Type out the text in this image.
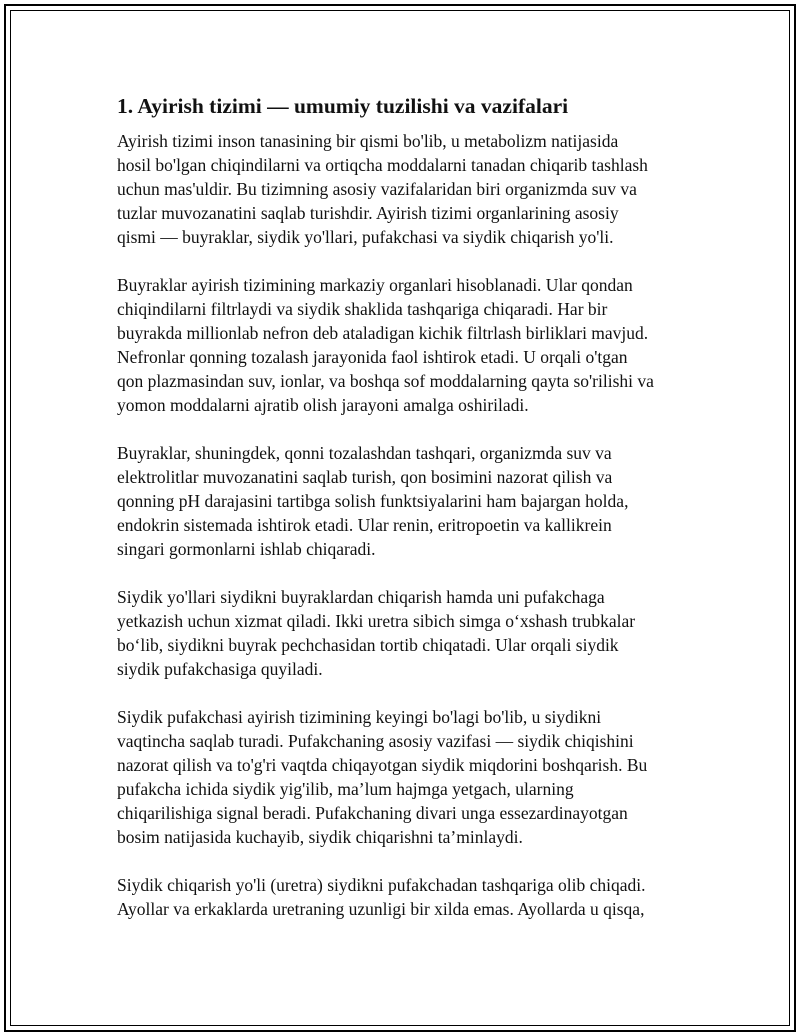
1. Ayirish tizimi — umumiy tuzilishi va vazifalari
Ayirish tizimi inson tanasining bir qismi bo'lib, u metabolizm natijasida
hosil bo'lgan chiqindilarni va ortiqcha moddalarni tanadan chiqarib tashlash
uchun mas'uldir. Bu tizimning asosiy vazifalaridan biri organizmda suv va
tuzlar muvozanatini saqlab turishdir. Ayirish tizimi organlarining asosiy
qismi — buyraklar, siydik yo'llari, pufakchasi va siydik chiqarish yo'li.
Buyraklar ayirish tizimining markaziy organlari hisoblanadi. Ular qondan
chiqindilarni filtrlaydi va siydik shaklida tashqariga chiqaradi. Har bir
buyrakda millionlab nefron deb ataladigan kichik filtrlash birliklari mavjud.
Nefronlar qonning tozalash jarayonida faol ishtirok etadi. U orqali o'tgan
qon plazmasindan suv, ionlar, va boshqa sof moddalarning qayta so'rilishi va
yomon moddalarni ajratib olish jarayoni amalga oshiriladi.
Buyraklar, shuningdek, qonni tozalashdan tashqari, organizmda suv va
elektrolitlar muvozanatini saqlab turish, qon bosimini nazorat qilish va
qonning pH darajasini tartibga solish funktsiyalarini ham bajargan holda,
endokrin sistemada ishtirok etadi. Ular renin, eritropoetin va kallikrein
singari gormonlarni ishlab chiqaradi.
Siydik yo'llari siydikni buyraklardan chiqarish hamda uni pufakchaga
yetkazish uchun xizmat qiladi. Ikki uretra sibich simga o‘xshash trubkalar
bo‘lib, siydikni buyrak pechchasidan tortib chiqatadi. Ular orqali siydik
siydik pufakchasiga quyiladi.
Siydik pufakchasi ayirish tizimining keyingi bo'lagi bo'lib, u siydikni
vaqtincha saqlab turadi. Pufakchaning asosiy vazifasi — siydik chiqishini
nazorat qilish va to'g'ri vaqtda chiqayotgan siydik miqdorini boshqarish. Bu
pufakcha ichida siydik yig'ilib, ma’lum hajmga yetgach, ularning
chiqarilishiga signal beradi. Pufakchaning divari unga essezardinayotgan
bosim natijasida kuchayib, siydik chiqarishni ta’minlaydi.
Siydik chiqarish yo'li (uretra) siydikni pufakchadan tashqariga olib chiqadi.
Ayollar va erkaklarda uretraning uzunligi bir xilda emas. Ayollarda u qisqa,
